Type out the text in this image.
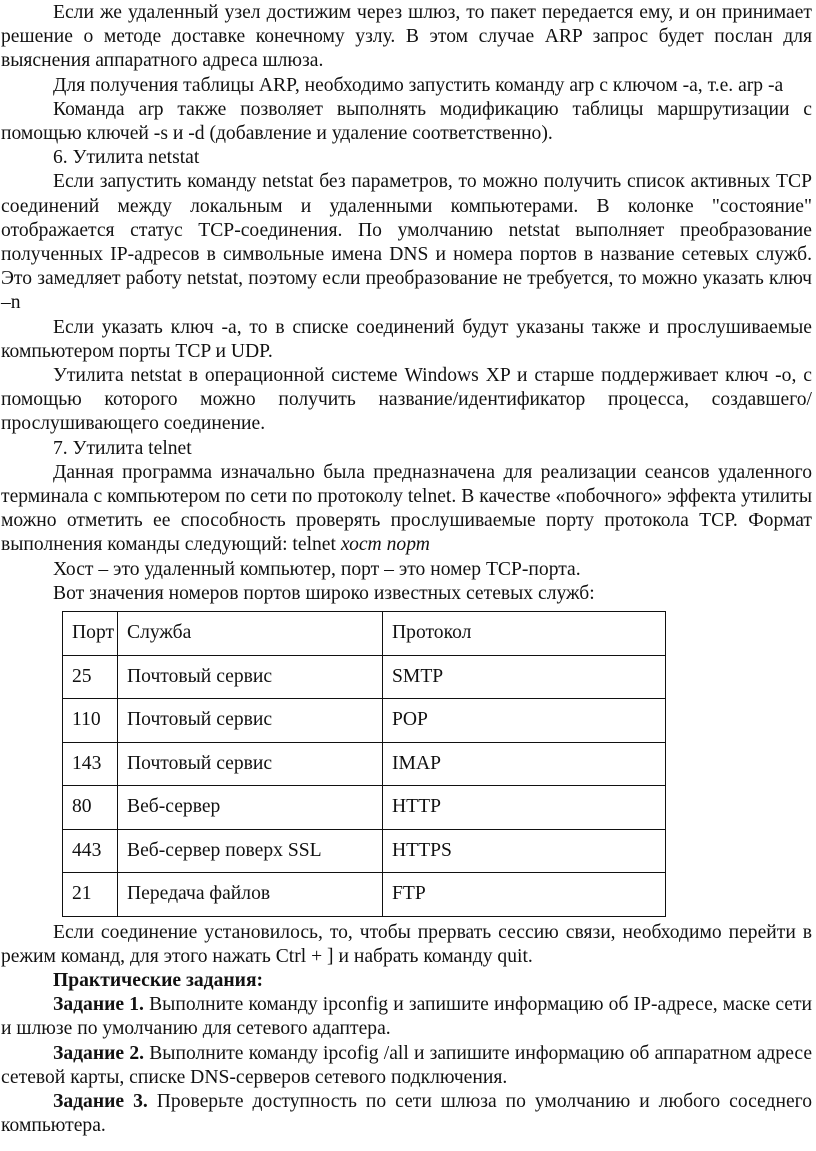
Если же удаленный узел достижим через шлюз, то пакет передается ему, и он принимает решение о методе доставке конечному узлу. В этом случае ARP запрос будет послан для выяснения аппаратного адреса шлюза.

Для получения таблицы ARP, необходимо запустить команду arp с ключом -a, т.е. arp -a

Команда arp также позволяет выполнять модификацию таблицы маршрутизации с помощью ключей -s и -d (добавление и удаление соответственно).

6. Утилита netstat

Если запустить команду netstat без параметров, то можно получить список активных TCP соединений между локальным и удаленными компьютерами. В колонке "состояние" отображается статус TCP-соединения. По умолчанию netstat выполняет преобразование полученных IP-адресов в символьные имена DNS и номера портов в название сетевых служб. Это замедляет работу netstat, поэтому если преобразование не требуется, то можно указать ключ –n

Если указать ключ -a, то в списке соединений будут указаны также и прослушиваемые компьютером порты TCP и UDP.

Утилита netstat в операционной системе Windows XP и старше поддерживает ключ -o, с помощью которого можно получить название/идентификатор процесса, создавшего/прослушивающего соединение.

7. Утилита telnet

Данная программа изначально была предназначена для реализации сеансов удаленного терминала с компьютером по сети по протоколу telnet. В качестве «побочного» эффекта утилиты можно отметить ее способность проверять прослушиваемые порту протокола TCP. Формат выполнения команды следующий: telnet хост порт

Хост – это удаленный компьютер, порт – это номер TCP-порта.

Вот значения номеров портов широко известных сетевых служб:

Порт	Служба	Протокол
25	Почтовый сервис	SMTP
110	Почтовый сервис	POP
143	Почтовый сервис	IMAP
80	Веб-сервер	HTTP
443	Веб-сервер поверх SSL	HTTPS
21	Передача файлов	FTP

Если соединение установилось, то, чтобы прервать сессию связи, необходимо перейти в режим команд, для этого нажать Ctrl + ] и набрать команду quit.

Практические задания:

Задание 1. Выполните команду ipconfig и запишите информацию об IP-адресе, маске сети и шлюзе по умолчанию для сетевого адаптера.

Задание 2. Выполните команду ipcofig /all и запишите информацию об аппаратном адресе сетевой карты, списке DNS-серверов сетевого подключения.

Задание 3. Проверьте доступность по сети шлюза по умолчанию и любого соседнего компьютера.
